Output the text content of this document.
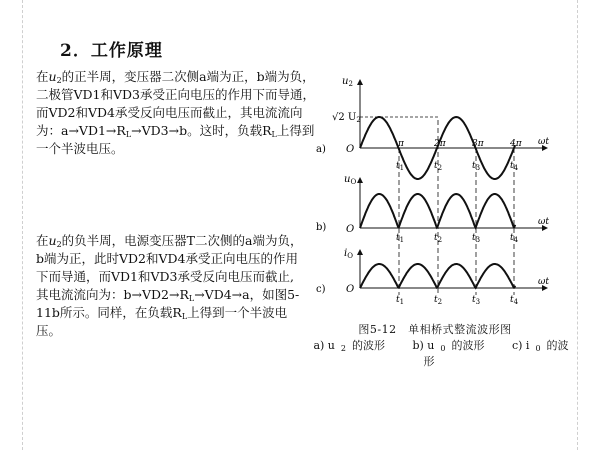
2．工作原理

在$u_2$的正半周，变压器二次侧a端为正，b端为负，二极管VD1和VD3承受正向电压的作用下而导通，而VD2和VD4承受反向电压而截止，其电流流向为：$a\to VD1\to R_L\to VD3\to b$。这时，负载$R_L$上得到一个半波电压。

在$u_2$的负半周，电源变压器T二次侧的a端为负，b端为正，此时VD2和VD4承受正向电压的作用下而导通，而VD1和VD3承受反向电压而截止,其电流流向为：$b\to VD2\to R_L\to VD4\to a$，如图5-11b所示。同样，在负载$R_L$上得到一个半波电压。

$u_2$
√2 $U_2$
O
a)
ωt
π	2π	3π	4π
$t_1$	$t_2$	$t_3$	$t_4$
$u_O$
O
b)	ωt
$t_1$	$t_2$	$t_3$	$t_4$
$i_O$
O
c)
ωt
$t_1$	$t_2$	$t_3$	$t_4$
图5-12　单相桥式整流波形图
a) u $_2$ 的波形	b) u $_0$ 的波形	c) i $_0$ 的波形
